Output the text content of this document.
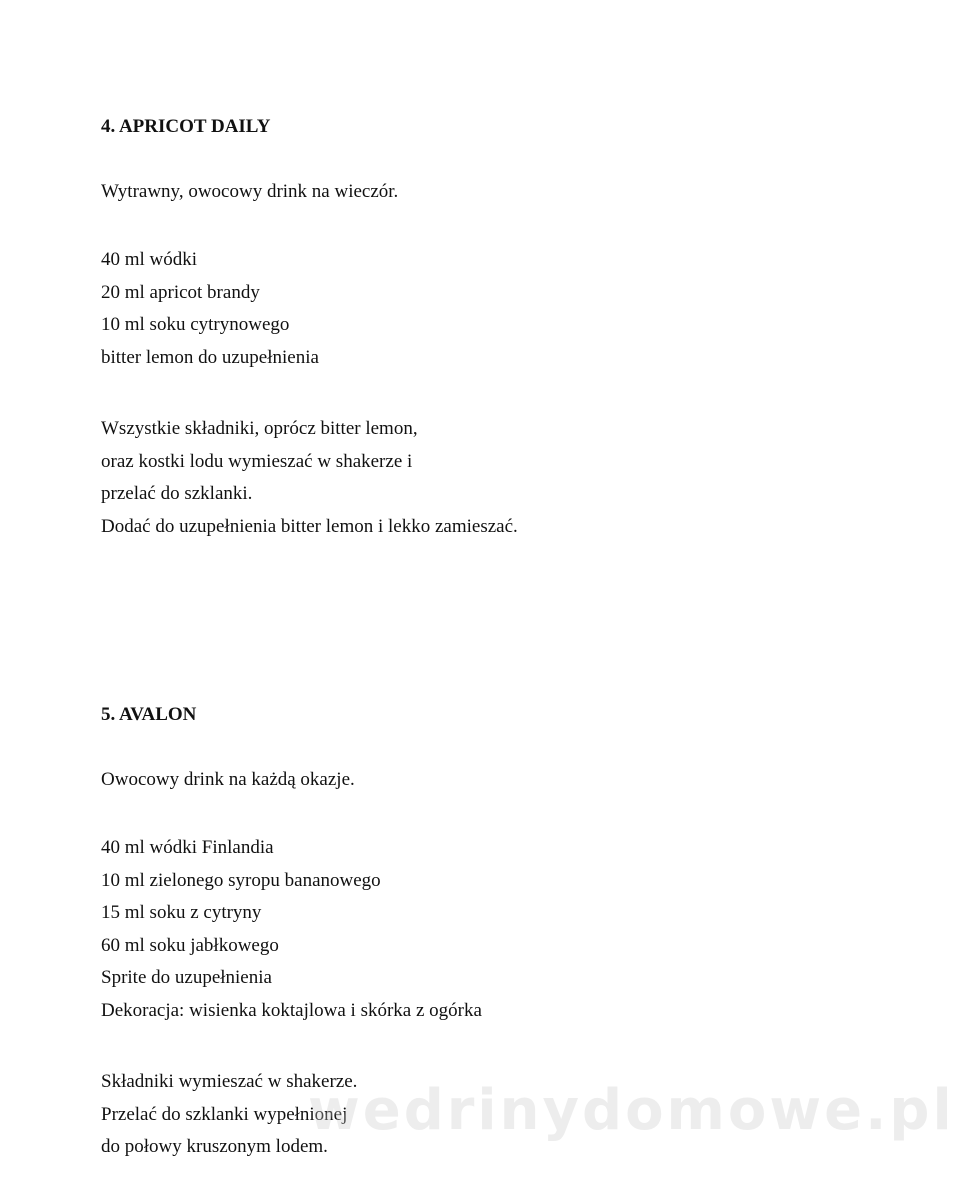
4. APRICOT DAILY

Wytrawny, owocowy drink na wieczór.

40 ml wódki
20 ml apricot brandy
10 ml soku cytrynowego
bitter lemon do uzupełnienia
Wszystkie składniki, oprócz bitter lemon,
oraz kostki lodu wymieszać w shakerze i
przelać do szklanki.
Dodać do uzupełnienia bitter lemon i lekko zamieszać.
5. AVALON

Owocowy drink na każdą okazje.

40 ml wódki Finlandia
10 ml zielonego syropu bananowego
15 ml soku z cytryny
60 ml soku jabłkowego
Sprite do uzupełnienia
Dekoracja: wisienka koktajlowa i skórka z ogórka
Składniki wymieszać w shakerze.
Przelać do szklanki wypełnionej
do połowy kruszonym lodem.
wedrinydomowe.pl
